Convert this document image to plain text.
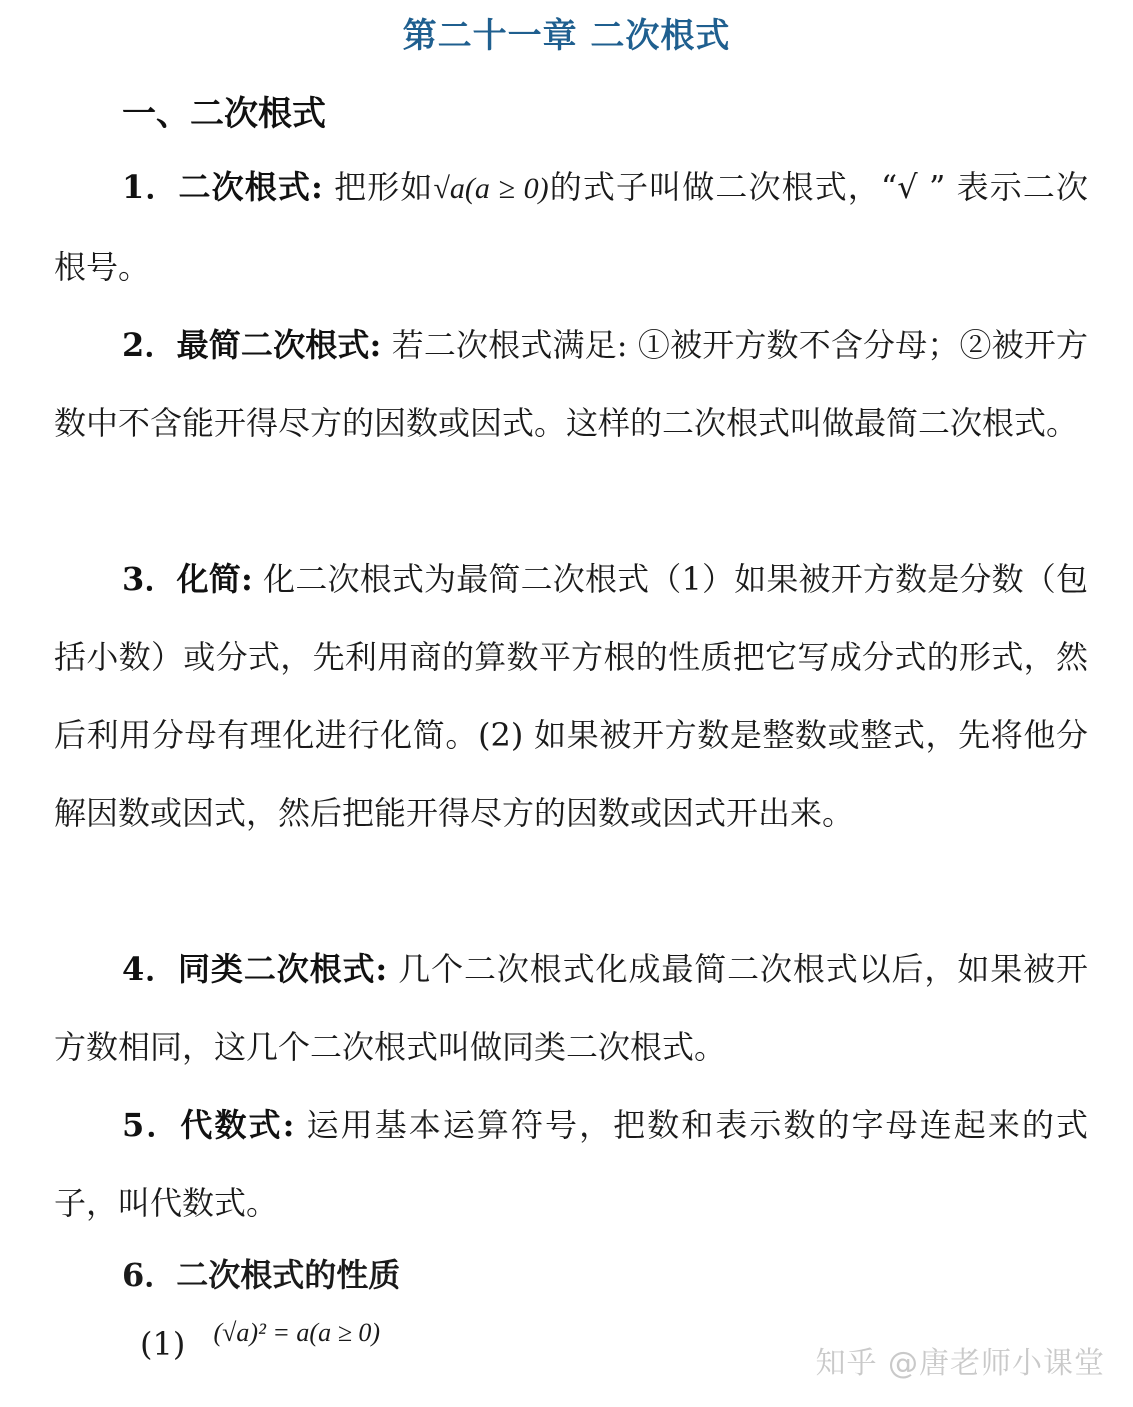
第二十一章 二次根式
一、二次根式
1．二次根式: 把形如√a(a ≥ 0)的式子叫做二次根式，“√ ” 表示二次根号。
2．最简二次根式: 若二次根式满足: ①被开方数不含分母；②被开方数中不含能开得尽方的因数或因式。这样的二次根式叫做最简二次根式。
3．化简: 化二次根式为最简二次根式（1）如果被开方数是分数（包括小数）或分式，先利用商的算数平方根的性质把它写成分式的形式，然后利用分母有理化进行化简。(2) 如果被开方数是整数或整式，先将他分解因数或因式，然后把能开得尽方的因数或因式开出来。
4．同类二次根式: 几个二次根式化成最简二次根式以后，如果被开方数相同，这几个二次根式叫做同类二次根式。
5．代数式: 运用基本运算符号，把数和表示数的字母连起来的式子，叫代数式。
6．二次根式的性质
(1) $^{(√a)^2 = a(a \ge 0)}$
知乎 @唐老师小课堂
